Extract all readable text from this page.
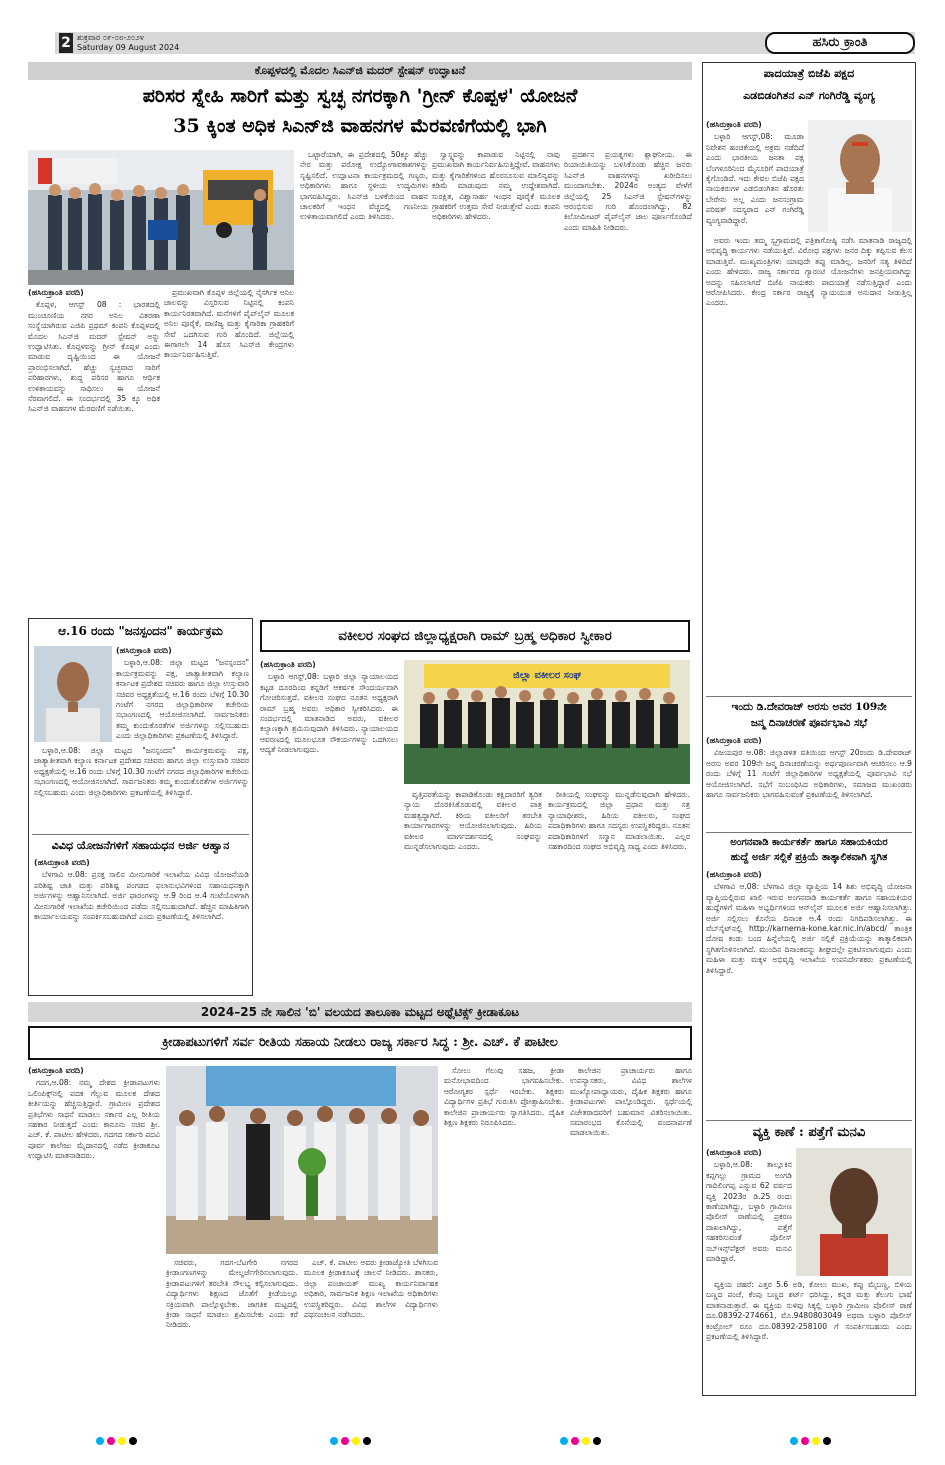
2 ಶುಕ್ರವಾರ ೦೯-೦೮-೨೦೨೪
Saturday 09 August 2024	ಹಸಿರು ಕ್ರಾಂತಿ
ಕೊಪ್ಪಳದಲ್ಲಿ ಮೊದಲ ಸಿಎನ್‌ಜಿ ಮದರ್ ಸ್ಟೇಷನ್ ಉದ್ಘಾಟನೆ
ಪರಿಸರ ಸ್ನೇಹಿ ಸಾರಿಗೆ ಮತ್ತು ಸ್ವಚ್ಛ ನಗರಕ್ಕಾಗಿ 'ಗ್ರೀನ್ ಕೊಪ್ಪಳ' ಯೋಜನೆ
35 ಕ್ಕಿಂತ ಅಧಿಕ ಸಿಎನ್‌ಜಿ ವಾಹನಗಳ ಮೆರವಣಿಗೆಯಲ್ಲಿ ಭಾಗಿ

(ಹಸಿರುಕ್ರಾಂತಿ ವರದಿ)

ಕೊಪ್ಪಳ, ಆಗಸ್ಟ್ 08 : ಭಾರತದಲ್ಲಿ ಮುಂಚೂಣಿಯ ನಗರ ಅನಿಲ ವಿತರಣಾ ಸಂಸ್ಥೆಯಾಗಿರುವ ಎಜಿಪಿ ಪ್ರಥಮ್ ಕಂಪನಿ ಕೊಪ್ಪಳದಲ್ಲಿ ಮೊದಲ ಸಿಎನ್‌ಜಿ ಮದರ್ ಸ್ಟೇಷನ್ ಅನ್ನು ಉದ್ಘಾಟಿಸಿತು. ಕೊಪ್ಪಳವನ್ನು ಗ್ರೀನ್ ಕೊಪ್ಪಳ ಎಂದು ಮಾಡುವ ದೃಷ್ಟಿಯಿಂದ ಈ ಯೋಜನೆ ಪ್ರಾರಂಭಿಸಲಾಗಿದೆ. ಹೆಚ್ಚು ಸ್ವಚ್ಛವಾದ ಸಾರಿಗೆ ಪರಿಹಾರಗಳು, ಶುದ್ಧ ಪರಿಸರ ಹಾಗೂ ಆರ್ಥಿಕ ಉಳಿತಾಯವನ್ನು ಸಾಧಿಸಲು ಈ ಯೋಜನೆ ನೆರವಾಗಲಿದೆ. ಈ ಸಂದರ್ಭದಲ್ಲಿ 35 ಕ್ಕೂ ಅಧಿಕ ಸಿಎನ್‌ಜಿ ವಾಹನಗಳ ಮೆರವಣಿಗೆ ನಡೆಯಿತು.

ಪ್ರಮುಖವಾಗಿ ಕೊಪ್ಪಳ ಜಿಲ್ಲೆಯಲ್ಲಿ ನೈಸರ್ಗಿಕ ಅನಿಲ ಜಾಲವನ್ನು ವಿಸ್ತರಿಸುವ ನಿಟ್ಟಿನಲ್ಲಿ ಕಂಪನಿ ಕಾರ್ಯನಿರತವಾಗಿದೆ. ಮನೆಗಳಿಗೆ ಪೈಪ್‌ಲೈನ್ ಮೂಲಕ ಅನಿಲ ಪೂರೈಕೆ, ವಾಣಿಜ್ಯ ಮತ್ತು ಕೈಗಾರಿಕಾ ಗ್ರಾಹಕರಿಗೆ ಸೇವೆ ಒದಗಿಸುವ ಗುರಿ ಹೊಂದಿದೆ. ಜಿಲ್ಲೆಯಲ್ಲಿ ಈಗಾಗಲೇ 14 ಹೊಸ ಸಿಎನ್‌ಜಿ ಕೇಂದ್ರಗಳು ಕಾರ್ಯನಿರ್ವಹಿಸುತ್ತಿವೆ.

ಒಟ್ಟಾರೆಯಾಗಿ, ಈ ಪ್ರದೇಶದಲ್ಲಿ 50ಕ್ಕೂ ಹೆಚ್ಚು ನೇರ ಮತ್ತು ಪರೋಕ್ಷ ಉದ್ಯೋಗಾವಕಾಶಗಳನ್ನು ಸೃಷ್ಟಿಸಲಿದೆ. ಉದ್ಘಾಟನಾ ಕಾರ್ಯಕ್ರಮದಲ್ಲಿ ಗಣ್ಯರು, ಅಧಿಕಾರಿಗಳು ಹಾಗೂ ಸ್ಥಳೀಯ ಉದ್ಯಮಿಗಳು ಭಾಗವಹಿಸಿದ್ದರು. ಸಿಎನ್‌ಜಿ ಬಳಕೆಯಿಂದ ವಾಹನ ಚಾಲಕರಿಗೆ ಇಂಧನ ವೆಚ್ಚದಲ್ಲಿ ಗಣನೀಯ ಉಳಿತಾಯವಾಗಲಿದೆ ಎಂದು ತಿಳಿಸಿದರು.

ಸ್ವಾಸ್ಥ್ಯವನ್ನು ಕಾಪಾಡುವ ನಿಟ್ಟಿನಲ್ಲಿ ನಾವು ಪ್ರಮುಖವಾಗಿ ಕಾರ್ಯನಿರ್ವಹಿಸುತ್ತಿದ್ದೇವೆ. ವಾಹನಗಳು ಮತ್ತು ಕೈಗಾರಿಕೆಗಳಿಂದ ಹೊರಸೂಸುವ ಮಾಲಿನ್ಯವನ್ನು ಕಡಿಮೆ ಮಾಡುವುದು ನಮ್ಮ ಉದ್ದೇಶವಾಗಿದೆ. ಸುರಕ್ಷಿತ, ವಿಶ್ವಾಸಾರ್ಹ ಇಂಧನ ಪೂರೈಕೆ ಮೂಲಕ ಗ್ರಾಹಕರಿಗೆ ಉತ್ತಮ ಸೇವೆ ನೀಡುತ್ತೇವೆ ಎಂದು ಕಂಪನಿ ಅಧಿಕಾರಿಗಳು ಹೇಳಿದರು.

ಪ್ರದರ್ಶನ ಪ್ರಯತ್ನಗಳು ಶ್ಲಾಘನೀಯ. ಈ ರಿಯಾಯಿತಿಯನ್ನು ಬಳಸಿಕೊಂಡು ಹೆಚ್ಚಿನ ಜನರು ಸಿಎನ್‌ಜಿ ವಾಹನಗಳನ್ನು ಖರೀದಿಸಲು ಮುಂದಾಗಬೇಕು. 2024ರ ಅಂತ್ಯದ ವೇಳೆಗೆ ಜಿಲ್ಲೆಯಲ್ಲಿ 25 ಸಿಎನ್‌ಜಿ ಸ್ಟೇಷನ್‌ಗಳನ್ನು ಆರಂಭಿಸುವ ಗುರಿ ಹೊಂದಲಾಗಿದ್ದು, 82 ಕಿಲೋಮೀಟರ್ ಪೈಪ್‌ಲೈನ್ ಜಾಲ ಪೂರ್ಣಗೊಂಡಿದೆ ಎಂದು ಮಾಹಿತಿ ನೀಡಿದರು.

ಪಾದಯಾತ್ರೆ ಬಿಜೆಪಿ ಪಕ್ಷದ
ಎಡಬಿಡಂಗಿತನ ಎನ್ ಗಂಗಿರೆಡ್ಡಿ ವ್ಯಂಗ್ಯ

(ಹಸಿರುಕ್ರಾಂತಿ ವರದಿ)

ಬಳ್ಳಾರಿ ಆಗಸ್ಟ್,08: ಮೂಡಾ ನಿವೇಶನ ಹಂಚಿಕೆಯಲ್ಲಿ ಅಕ್ರಮ ನಡೆದಿದೆ ಎಂದು ಭಾರತೀಯ ಜನತಾ ಪಕ್ಷ ಬೆಂಗಳೂರಿನಿಂದ ಮೈಸೂರಿಗೆ ಪಾದಯಾತ್ರೆ ಕೈಗೊಂಡಿದೆ. ಇದು ಕೇವಲ ಬಿಜೆಪಿ ಪಕ್ಷದ ನಾಯಕರುಗಳ ಎಡಬಿಡಂಗಿತನ ಹೊರತು ಬೇರೇನು ಅಲ್ಲ ಎಂದು ಜನಸಂಗ್ರಾಮ ಪರಿಷತ್ ಸದಸ್ಯರಾದ ಎನ್ ಗಂಗಿರೆಡ್ಡಿ ವ್ಯಂಗ್ಯವಾಡಿದ್ದಾರೆ.

ಅವರು ಇಂದು ತಮ್ಮ ಸ್ವಗ್ರಾಮದಲ್ಲಿ ಪತ್ರಿಕಾಗೋಷ್ಠಿ ನಡೆಸಿ ಮಾತನಾಡಿ ರಾಜ್ಯದಲ್ಲಿ ಅಭಿವೃದ್ಧಿ ಕಾರ್ಯಗಳು ನಡೆಯುತ್ತಿವೆ. ವಿರೋಧ ಪಕ್ಷಗಳು ಜನರ ದಿಕ್ಕು ತಪ್ಪಿಸುವ ಕೆಲಸ ಮಾಡುತ್ತಿವೆ. ಮುಖ್ಯಮಂತ್ರಿಗಳು ಯಾವುದೇ ತಪ್ಪು ಮಾಡಿಲ್ಲ. ಜನರಿಗೆ ಸತ್ಯ ತಿಳಿದಿದೆ ಎಂದು ಹೇಳಿದರು. ರಾಜ್ಯ ಸರ್ಕಾರದ ಗ್ಯಾರಂಟಿ ಯೋಜನೆಗಳು ಜನಪ್ರಿಯವಾಗಿದ್ದು ಅದನ್ನು ಸಹಿಸಲಾಗದೆ ಬಿಜೆಪಿ ನಾಯಕರು ಪಾದಯಾತ್ರೆ ನಡೆಸುತ್ತಿದ್ದಾರೆ ಎಂದು ಆರೋಪಿಸಿದರು. ಕೇಂದ್ರ ಸರ್ಕಾರ ರಾಜ್ಯಕ್ಕೆ ನ್ಯಾಯಯುತ ಅನುದಾನ ನೀಡುತ್ತಿಲ್ಲ ಎಂದರು.

ಇಂದು ಡಿ.ದೇವರಾಜ್ ಅರಸು ಅವರ 109ನೇ
ಜನ್ಮ ದಿನಾಚರಣೆ ಪೂರ್ವಭಾವಿ ಸಭೆ

(ಹಸಿರುಕ್ರಾಂತಿ ವರದಿ)

ವಿಜಯಪುರ ಆ.08: ಜಿಲ್ಲಾಡಳಿತ ವತಿಯಿಂದ ಆಗಸ್ಟ್ 20ರಂದು ಡಿ.ದೇವರಾಜ್ ಅರಸು ಅವರ 109ನೇ ಜನ್ಮ ದಿನಾಚರಣೆಯನ್ನು ಅರ್ಥಪೂರ್ಣವಾಗಿ ಆಚರಿಸಲು ಆ.9 ರಂದು ಬೆಳಿಗ್ಗೆ 11 ಗಂಟೆಗೆ ಜಿಲ್ಲಾಧಿಕಾರಿಗಳ ಅಧ್ಯಕ್ಷತೆಯಲ್ಲಿ ಪೂರ್ವಭಾವಿ ಸಭೆ ಆಯೋಜಿಸಲಾಗಿದೆ. ಸಭೆಗೆ ಸಂಬಂಧಿಸಿದ ಅಧಿಕಾರಿಗಳು, ಸಮಾಜದ ಮುಖಂಡರು ಹಾಗೂ ಸಾರ್ವಜನಿಕರು ಭಾಗವಹಿಸುವಂತೆ ಪ್ರಕಟಣೆಯಲ್ಲಿ ತಿಳಿಸಲಾಗಿದೆ.

ಅಂಗನವಾಡಿ ಕಾರ್ಯಕರ್ತೆ ಹಾಗೂ ಸಹಾಯಕಿಯರ
ಹುದ್ದೆ ಅರ್ಜಿ ಸಲ್ಲಿಕೆ ಪ್ರಕ್ರಿಯೆ ತಾತ್ಕಾಲಿಕವಾಗಿ ಸ್ಥಗಿತ

(ಹಸಿರುಕ್ರಾಂತಿ ವರದಿ)

ಬೆಳಗಾವಿ ಆ.08: ಬೆಳಗಾವಿ ಜಿಲ್ಲಾ ವ್ಯಾಪ್ತಿಯ 14 ಶಿಶು ಅಭಿವೃದ್ಧಿ ಯೋಜನಾ ವ್ಯಾಪ್ತಿಯಲ್ಲಿರುವ ಖಾಲಿ ಇರುವ ಅಂಗನವಾಡಿ ಕಾರ್ಯಕರ್ತೆ ಹಾಗೂ ಸಹಾಯಕಿಯರ ಹುದ್ದೆಗಳಿಗೆ ಮಹಿಳಾ ಅಭ್ಯರ್ಥಿಗಳಿಂದ ಆನ್‌ಲೈನ್ ಮೂಲಕ ಅರ್ಜಿ ಆಹ್ವಾನಿಸಲಾಗಿತ್ತು. ಅರ್ಜಿ ಸಲ್ಲಿಸಲು ಕೊನೆಯ ದಿನಾಂಕ ಆ.4 ರಂದು ನಿಗದಿಪಡಿಸಲಾಗಿತ್ತು. ಈ ವೆಬ್‌ಸೈಟ್‌ನಲ್ಲಿ http://karnema-kone.kar.nic.in/abcd/ ತಾಂತ್ರಿಕ ದೋಷ ಕಂಡು ಬಂದ ಹಿನ್ನೆಲೆಯಲ್ಲಿ ಅರ್ಜಿ ಸಲ್ಲಿಕೆ ಪ್ರಕ್ರಿಯೆಯನ್ನು ತಾತ್ಕಾಲಿಕವಾಗಿ ಸ್ಥಗಿತಗೊಳಿಸಲಾಗಿದೆ. ಮುಂದಿನ ದಿನಾಂಕವನ್ನು ಶೀಘ್ರದಲ್ಲೇ ಪ್ರಕಟಿಸಲಾಗುವುದು ಎಂದು ಮಹಿಳಾ ಮತ್ತು ಮಕ್ಕಳ ಅಭಿವೃದ್ಧಿ ಇಲಾಖೆಯ ಉಪನಿರ್ದೇಶಕರು ಪ್ರಕಟಣೆಯಲ್ಲಿ ತಿಳಿಸಿದ್ದಾರೆ.

ವ್ಯಕ್ತಿ ಕಾಣೆ : ಪತ್ತೆಗೆ ಮನವಿ

(ಹಸಿರುಕ್ರಾಂತಿ ವರದಿ)

ಬಳ್ಳಾರಿ,ಆ.08: ತಾಲ್ಲೂಕಿನ ಕಪ್ಪಗಲ್ಲು ಗ್ರಾಮದ ಅಂಗಡಿ ಗಾದಿಲಿಂಗಪ್ಪ ಎನ್ನುವ 62 ವರ್ಷದ ವ್ಯಕ್ತಿ 2023ರ ಡಿ.25 ರಂದು ಕಾಣೆಯಾಗಿದ್ದು, ಬಳ್ಳಾರಿ ಗ್ರಾಮೀಣ ಪೊಲೀಸ್ ಠಾಣೆಯಲ್ಲಿ ಪ್ರಕರಣ ದಾಖಲಾಗಿದ್ದು, ಪತ್ತೆಗೆ ಸಹಕರಿಸುವಂತೆ ಪೊಲೀಸ್ ಸಬ್‌ಇನ್ಸ್‌ಪೆಕ್ಟರ್ ಅವರು ಮನವಿ ಮಾಡಿದ್ದಾರೆ.

ವ್ಯಕ್ತಿಯ ಚಹರೆ: ಎತ್ತರ 5.6 ಅಡಿ, ಕೋಲು ಮುಖ, ಕಪ್ಪು ಮೈಬಣ್ಣ, ಬಿಳಿಯ ಬಣ್ಣದ ಪಂಚೆ, ಕೆಂಪು ಬಣ್ಣದ ಶರ್ಟ್ ಧರಿಸಿದ್ದು, ಕನ್ನಡ ಮತ್ತು ತೆಲುಗು ಭಾಷೆ ಮಾತನಾಡುತ್ತಾರೆ. ಈ ವ್ಯಕ್ತಿಯ ಸುಳಿವು ಸಿಕ್ಕಲ್ಲಿ ಬಳ್ಳಾರಿ ಗ್ರಾಮೀಣ ಪೊಲೀಸ್ ಠಾಣೆ ದೂ.08392-274661, ಮೊ.9480803049 ಅಥವಾ ಬಳ್ಳಾರಿ ಪೊಲೀಸ್ ಕಂಟ್ರೋಲ್ ರೂಂ ದೂ.08392-258100 ಗೆ ಸಂಪರ್ಕಿಸಬಹುದು ಎಂದು ಪ್ರಕಟಣೆಯಲ್ಲಿ ತಿಳಿಸಿದ್ದಾರೆ.

ಆ.16 ರಂದು "ಜನಸ್ಪಂದನ" ಕಾರ್ಯಕ್ರಮ

(ಹಸಿರುಕ್ರಾಂತಿ ವರದಿ)

ಬಳ್ಳಾರಿ,ಆ.08: ಜಿಲ್ಲಾ ಮಟ್ಟದ "ಜನಸ್ಪಂದನ" ಕಾರ್ಯಕ್ರಮವನ್ನು ಪಕ್ಷ, ಜಾತ್ಯಾತೀತವಾಗಿ ಕಲ್ಯಾಣ ಕರ್ನಾಟಕ ಪ್ರದೇಶದ ಸಚಿವರು ಹಾಗೂ ಜಿಲ್ಲಾ ಉಸ್ತುವಾರಿ ಸಚಿವರ ಅಧ್ಯಕ್ಷತೆಯಲ್ಲಿ ಆ.16 ರಂದು ಬೆಳಿಗ್ಗೆ 10.30 ಗಂಟೆಗೆ ನಗರದ ಜಿಲ್ಲಾಧಿಕಾರಿಗಳ ಕಚೇರಿಯ ಸಭಾಂಗಣದಲ್ಲಿ ಆಯೋಜಿಸಲಾಗಿದೆ. ಸಾರ್ವಜನಿಕರು ತಮ್ಮ ಕುಂದುಕೊರತೆಗಳ ಅರ್ಜಿಗಳನ್ನು ಸಲ್ಲಿಸಬಹುದು ಎಂದು ಜಿಲ್ಲಾಧಿಕಾರಿಗಳು ಪ್ರಕಟಣೆಯಲ್ಲಿ ತಿಳಿಸಿದ್ದಾರೆ.

ಬಳ್ಳಾರಿ,ಆ.08: ಜಿಲ್ಲಾ ಮಟ್ಟದ "ಜನಸ್ಪಂದನ" ಕಾರ್ಯಕ್ರಮವನ್ನು ಪಕ್ಷ, ಜಾತ್ಯಾತೀತವಾಗಿ ಕಲ್ಯಾಣ ಕರ್ನಾಟಕ ಪ್ರದೇಶದ ಸಚಿವರು ಹಾಗೂ ಜಿಲ್ಲಾ ಉಸ್ತುವಾರಿ ಸಚಿವರ ಅಧ್ಯಕ್ಷತೆಯಲ್ಲಿ ಆ.16 ರಂದು ಬೆಳಿಗ್ಗೆ 10.30 ಗಂಟೆಗೆ ನಗರದ ಜಿಲ್ಲಾಧಿಕಾರಿಗಳ ಕಚೇರಿಯ ಸಭಾಂಗಣದಲ್ಲಿ ಆಯೋಜಿಸಲಾಗಿದೆ. ಸಾರ್ವಜನಿಕರು ತಮ್ಮ ಕುಂದುಕೊರತೆಗಳ ಅರ್ಜಿಗಳನ್ನು ಸಲ್ಲಿಸಬಹುದು ಎಂದು ಜಿಲ್ಲಾಧಿಕಾರಿಗಳು ಪ್ರಕಟಣೆಯಲ್ಲಿ ತಿಳಿಸಿದ್ದಾರೆ.

ವಿವಿಧ ಯೋಜನೆಗಳಿಗೆ ಸಹಾಯಧನ ಅರ್ಜಿ ಆಹ್ವಾನ

(ಹಸಿರುಕ್ರಾಂತಿ ವರದಿ)

ಬೆಳಗಾವಿ ಆ.08: ಪ್ರಸಕ್ತ ಸಾಲಿನ ಮೀನುಗಾರಿಕೆ ಇಲಾಖೆಯ ವಿವಿಧ ಯೋಜನೆಯಡಿ ಪರಿಶಿಷ್ಟ ಜಾತಿ ಮತ್ತು ಪರಿಶಿಷ್ಟ ಪಂಗಡದ ಫಲಾನುಭವಿಗಳಿಂದ ಸಹಾಯಧನಕ್ಕಾಗಿ ಅರ್ಜಿಗಳನ್ನು ಆಹ್ವಾನಿಸಲಾಗಿದೆ. ಅರ್ಜಿ ಫಾರಂಗಳನ್ನು ಆ.9 ರಿಂದ ಆ.4 ಗಂಟೆಯೊಳಗಾಗಿ ಮೀನುಗಾರಿಕೆ ಇಲಾಖೆಯ ಕಚೇರಿಯಿಂದ ಪಡೆದು ಸಲ್ಲಿಸಬಹುದಾಗಿದೆ. ಹೆಚ್ಚಿನ ಮಾಹಿತಿಗಾಗಿ ಕಾರ್ಯಾಲಯವನ್ನು ಸಂಪರ್ಕಿಸಬಹುದಾಗಿದೆ ಎಂದು ಪ್ರಕಟಣೆಯಲ್ಲಿ ತಿಳಿಸಲಾಗಿದೆ.

ವಕೀಲರ ಸಂಘದ ಜಿಲ್ಲಾಧ್ಯಕ್ಷರಾಗಿ ರಾಮ್ ಬ್ರಹ್ಮ ಅಧಿಕಾರ ಸ್ವೀಕಾರ

(ಹಸಿರುಕ್ರಾಂತಿ ವರದಿ)

ಬಳ್ಳಾರಿ ಆಗಸ್ಟ್,08: ಬಳ್ಳಾರಿ ಜಿಲ್ಲಾ ನ್ಯಾಯಾಲಯದ ಕಟ್ಟಡ ದೂರದಿಂದ ಕನ್ನಡಿಗೆ ಆಕರ್ಷಕ ಸೌಂದರ್ಯವಾಗಿ ಗೋಚರಿಸುತ್ತದೆ. ವಕೀಲರ ಸಂಘದ ನೂತನ ಅಧ್ಯಕ್ಷರಾಗಿ ರಾಮ್ ಬ್ರಹ್ಮ ಅವರು ಅಧಿಕಾರ ಸ್ವೀಕರಿಸಿದರು. ಈ ಸಂದರ್ಭದಲ್ಲಿ ಮಾತನಾಡಿದ ಅವರು, ವಕೀಲರ ಕಲ್ಯಾಣಕ್ಕಾಗಿ ಶ್ರಮಿಸುವುದಾಗಿ ತಿಳಿಸಿದರು. ನ್ಯಾಯಾಲಯದ ಆವರಣದಲ್ಲಿ ಮೂಲಭೂತ ಸೌಕರ್ಯಗಳನ್ನು ಒದಗಿಸಲು ಆದ್ಯತೆ ನೀಡಲಾಗುವುದು.

ಜಿಲ್ಲಾ ವಕೀಲರ ಸಂಘ

ವೃತ್ತಿಪರತೆಯನ್ನು ಕಾಪಾಡಿಕೊಂಡು ಕಕ್ಷಿದಾರರಿಗೆ ತ್ವರಿತ ನ್ಯಾಯ ದೊರಕಿಸಿಕೊಡುವಲ್ಲಿ ವಕೀಲರ ಪಾತ್ರ ಮಹತ್ವದ್ದಾಗಿದೆ. ಕಿರಿಯ ವಕೀಲರಿಗೆ ತರಬೇತಿ ಕಾರ್ಯಾಗಾರಗಳನ್ನು ಆಯೋಜಿಸಲಾಗುವುದು. ಹಿರಿಯ ವಕೀಲರ ಮಾರ್ಗದರ್ಶನದಲ್ಲಿ ಸಂಘವನ್ನು ಮುನ್ನಡೆಸಲಾಗುವುದು ಎಂದರು.

ರೀತಿಯಲ್ಲಿ ಸಂಘವನ್ನು ಮುನ್ನಡೆಸುವುದಾಗಿ ಹೇಳಿದರು. ಕಾರ್ಯಕ್ರಮದಲ್ಲಿ ಜಿಲ್ಲಾ ಪ್ರಧಾನ ಮತ್ತು ಸತ್ರ ನ್ಯಾಯಾಧೀಶರು, ಹಿರಿಯ ವಕೀಲರು, ಸಂಘದ ಪದಾಧಿಕಾರಿಗಳು ಹಾಗೂ ಸದಸ್ಯರು ಉಪಸ್ಥಿತರಿದ್ದರು. ನೂತನ ಪದಾಧಿಕಾರಿಗಳಿಗೆ ಸನ್ಮಾನ ಮಾಡಲಾಯಿತು. ಎಲ್ಲರ ಸಹಕಾರದಿಂದ ಸಂಘದ ಅಭಿವೃದ್ಧಿ ಸಾಧ್ಯ ಎಂದು ತಿಳಿಸಿದರು.

2024–25 ನೇ ಸಾಲಿನ 'ಬಿ' ವಲಯದ ತಾಲೂಕಾ ಮಟ್ಟದ ಅಥ್ಲೆಟಿಕ್ಸ್ ಕ್ರೀಡಾಕೂಟ
ಕ್ರೀಡಾಪಟುಗಳಿಗೆ ಸರ್ವ ರೀತಿಯ ಸಹಾಯ ನೀಡಲು ರಾಜ್ಯ ಸರ್ಕಾರ ಸಿದ್ಧ : ಶ್ರೀ. ಎಚ್. ಕೆ ಪಾಟೀಲ

(ಹಸಿರುಕ್ರಾಂತಿ ವರದಿ)

ಗದಗ,ಆ.08: ನಮ್ಮ ದೇಶದ ಕ್ರೀಡಾಪಟುಗಳು ಒಲಿಂಪಿಕ್ಸ್‌ನಲ್ಲಿ ಪದಕ ಗೆಲ್ಲುವ ಮೂಲಕ ದೇಶದ ಕೀರ್ತಿಯನ್ನು ಹೆಚ್ಚಿಸುತ್ತಿದ್ದಾರೆ. ಗ್ರಾಮೀಣ ಪ್ರದೇಶದ ಪ್ರತಿಭೆಗಳು ಸಾಧನೆ ಮಾಡಲು ಸರ್ಕಾರ ಎಲ್ಲ ರೀತಿಯ ಸಹಕಾರ ನೀಡುತ್ತದೆ ಎಂದು ಕಾನೂನು ಸಚಿವ ಶ್ರೀ. ಎಚ್. ಕೆ. ಪಾಟೀಲ ಹೇಳಿದರು. ಗದಗದ ಸರ್ಕಾರಿ ಪದವಿ ಪೂರ್ವ ಕಾಲೇಜು ಮೈದಾನದಲ್ಲಿ ನಡೆದ ಕ್ರೀಡಾಕೂಟ ಉದ್ಘಾಟಿಸಿ ಮಾತನಾಡಿದರು.

ಸಚಿವರು, ಗದಗ-ಬೆಟಗೇರಿ ನಗರದ ಕ್ರೀಡಾಂಗಣಗಳನ್ನು ಮೇಲ್ದರ್ಜೆಗೇರಿಸಲಾಗುವುದು. ಕ್ರೀಡಾಪಟುಗಳಿಗೆ ತರಬೇತಿ ಸೌಲಭ್ಯ ಕಲ್ಪಿಸಲಾಗುವುದು. ವಿದ್ಯಾರ್ಥಿಗಳು ಶಿಕ್ಷಣದ ಜೊತೆಗೆ ಕ್ರೀಡೆಯಲ್ಲೂ ಸಕ್ರಿಯವಾಗಿ ಪಾಲ್ಗೊಳ್ಳಬೇಕು. ಜಾಗತಿಕ ಮಟ್ಟದಲ್ಲಿ ಕ್ರೀಡಾ ಸಾಧನೆ ಮಾಡಲು ಶ್ರಮಿಸಬೇಕು ಎಂದು ಕರೆ ನೀಡಿದರು.

ಎಚ್. ಕೆ. ಪಾಟೀಲ ಅವರು ಕ್ರೀಡಾಜ್ಯೋತಿ ಬೆಳಗಿಸುವ ಮೂಲಕ ಕ್ರೀಡಾಕೂಟಕ್ಕೆ ಚಾಲನೆ ನೀಡಿದರು. ಶಾಸಕರು, ಜಿಲ್ಲಾ ಪಂಚಾಯತ್ ಮುಖ್ಯ ಕಾರ್ಯನಿರ್ವಾಹಕ ಅಧಿಕಾರಿ, ಸಾರ್ವಜನಿಕ ಶಿಕ್ಷಣ ಇಲಾಖೆಯ ಅಧಿಕಾರಿಗಳು ಉಪಸ್ಥಿತರಿದ್ದರು. ವಿವಿಧ ಶಾಲೆಗಳ ವಿದ್ಯಾರ್ಥಿಗಳು ಪಥಸಂಚಲನ ನಡೆಸಿದರು.

ಸೋಲು ಗೆಲುವು ಸಹಜ, ಕ್ರೀಡಾ ಮನೋಭಾವದಿಂದ ಭಾಗವಹಿಸಬೇಕು. ಆರೋಗ್ಯಕರ ಸ್ಪರ್ಧೆ ಇರಬೇಕು. ಶಿಕ್ಷಕರು ವಿದ್ಯಾರ್ಥಿಗಳ ಪ್ರತಿಭೆ ಗುರುತಿಸಿ ಪ್ರೋತ್ಸಾಹಿಸಬೇಕು. ಕಾಲೇಜಿನ ಪ್ರಾಚಾರ್ಯರು ಸ್ವಾಗತಿಸಿದರು. ದೈಹಿಕ ಶಿಕ್ಷಣ ಶಿಕ್ಷಕರು ನಿರೂಪಿಸಿದರು.

ಕಾಲೇಜಿನ ಪ್ರಾಚಾರ್ಯರು ಹಾಗೂ ಉಪನ್ಯಾಸಕರು, ವಿವಿಧ ಶಾಲೆಗಳ ಮುಖ್ಯೋಪಾಧ್ಯಾಯರು, ದೈಹಿಕ ಶಿಕ್ಷಕರು ಹಾಗೂ ಕ್ರೀಡಾಪಟುಗಳು ಪಾಲ್ಗೊಂಡಿದ್ದರು. ಸ್ಪರ್ಧೆಯಲ್ಲಿ ವಿಜೇತರಾದವರಿಗೆ ಬಹುಮಾನ ವಿತರಿಸಲಾಯಿತು. ಸಮಾರಂಭದ ಕೊನೆಯಲ್ಲಿ ವಂದನಾರ್ಪಣೆ ಮಾಡಲಾಯಿತು.
